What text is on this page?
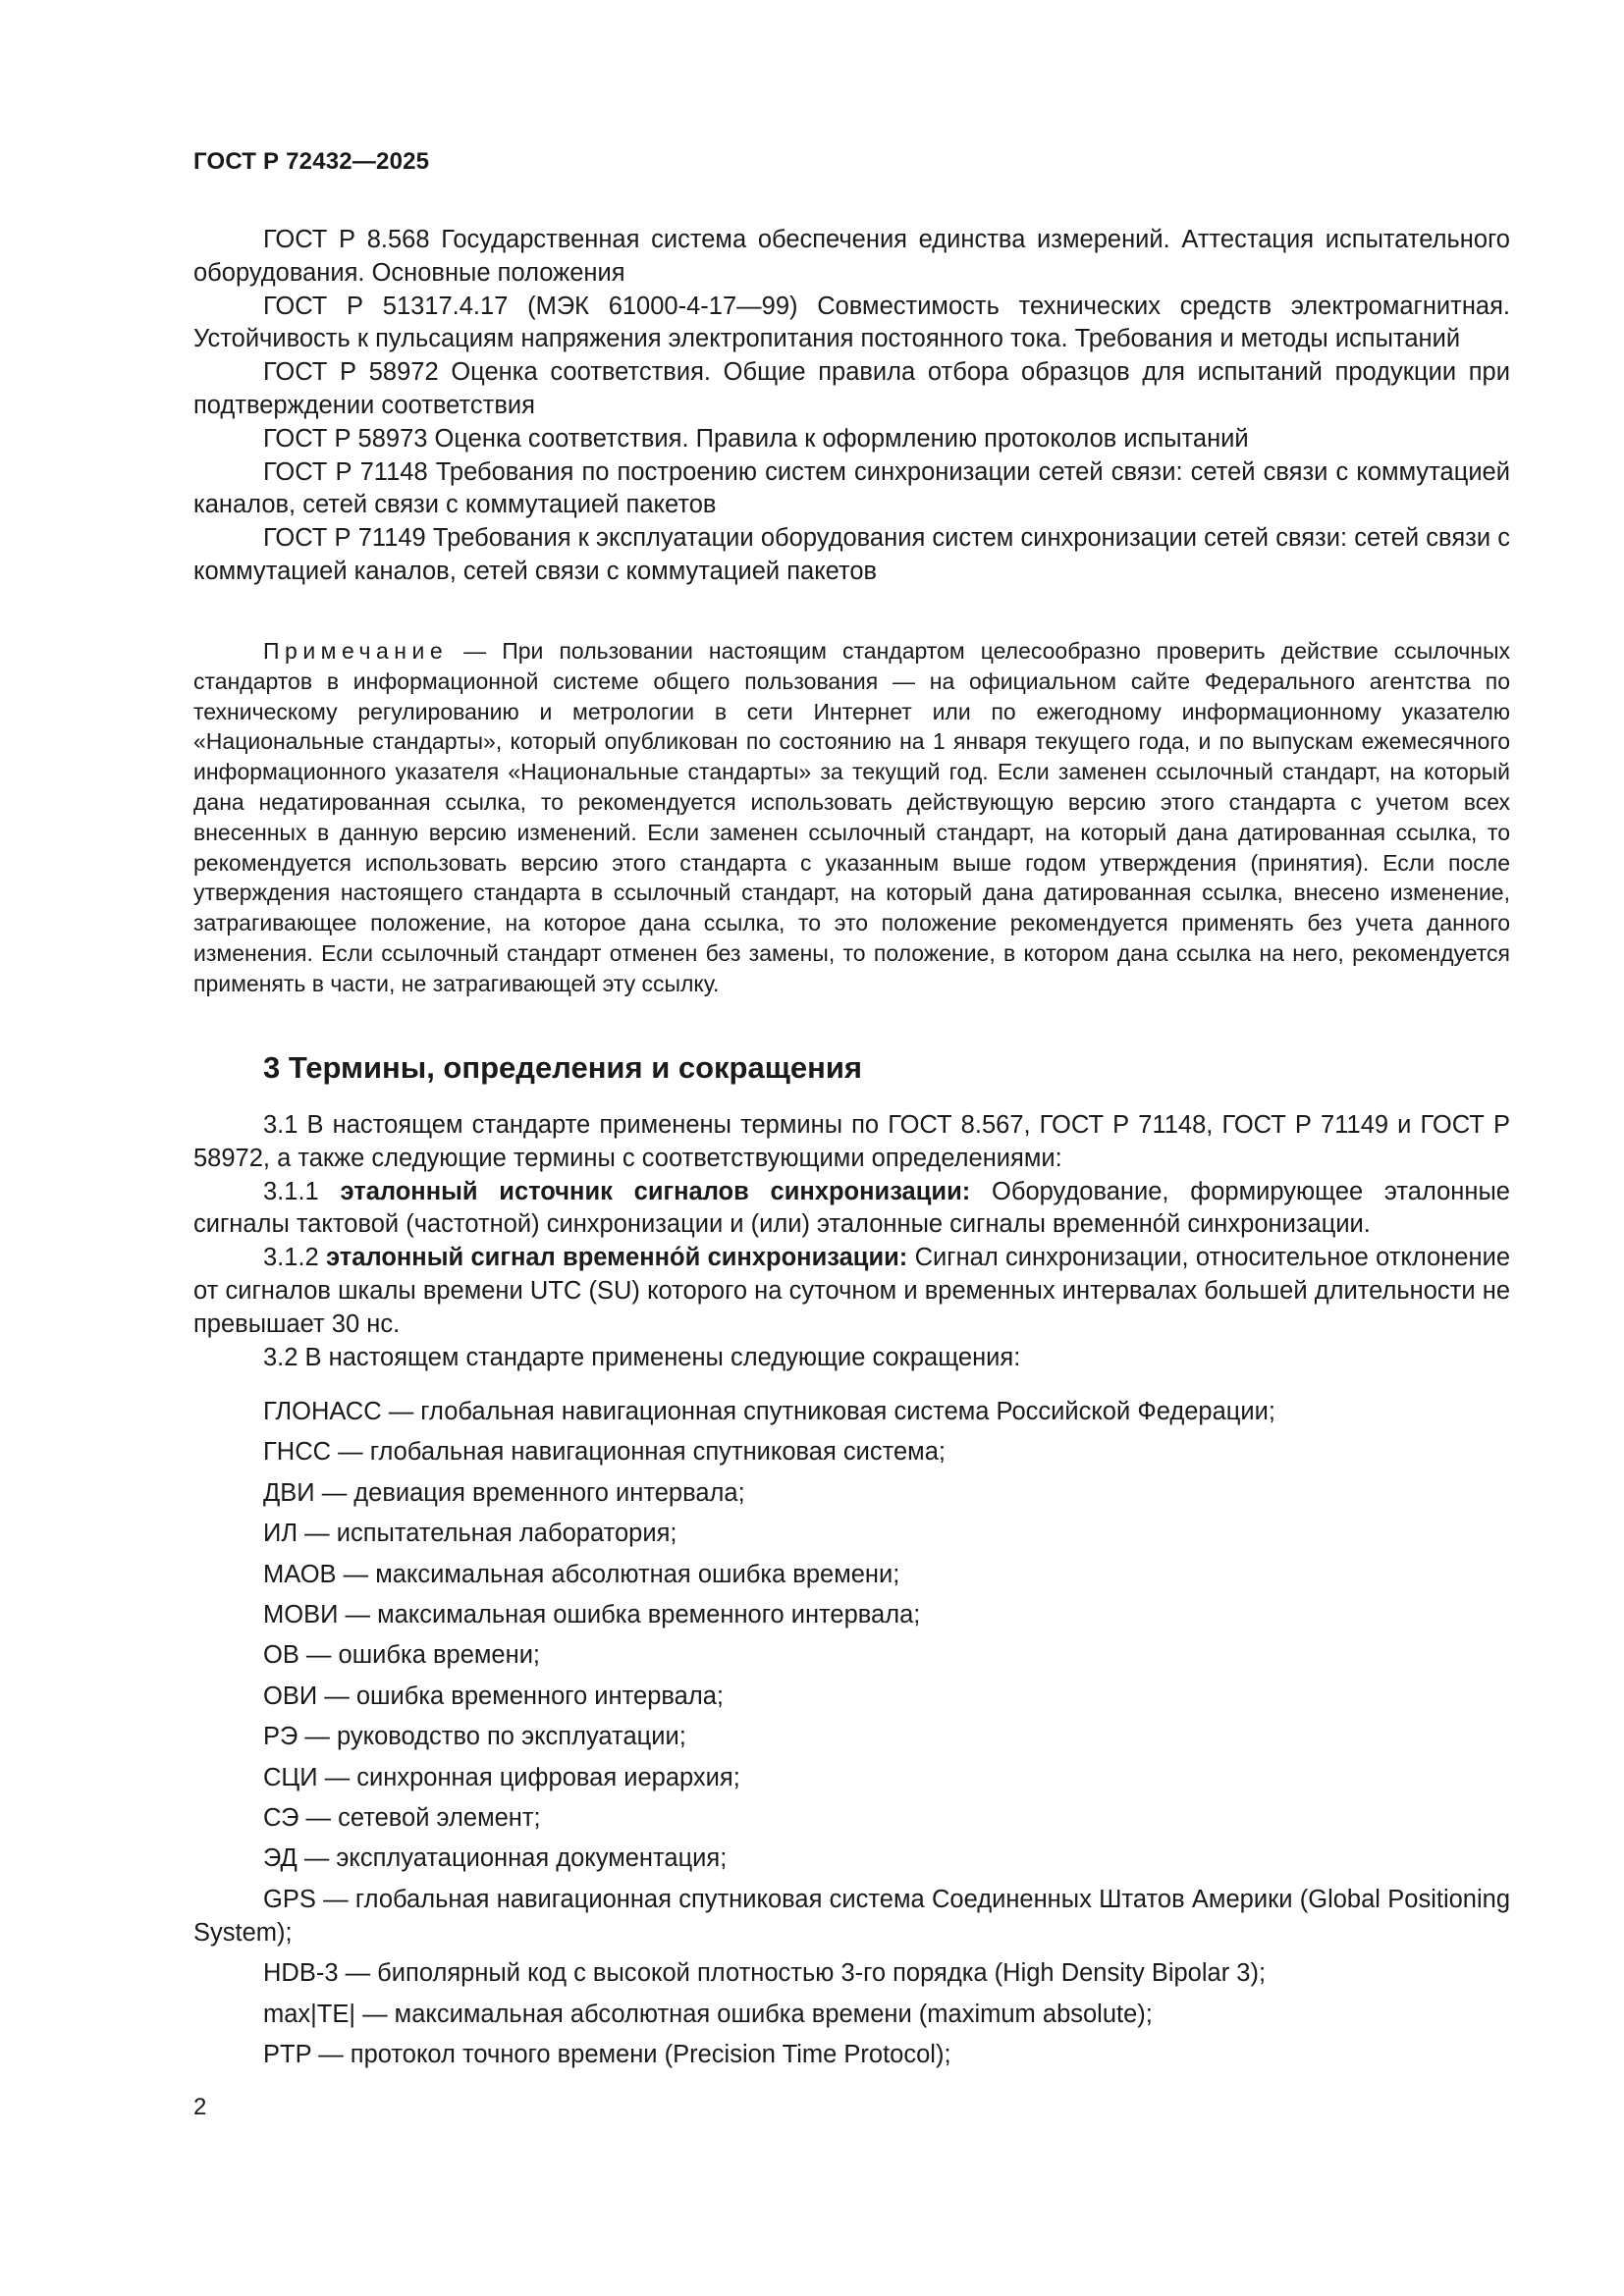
ГОСТ Р 72432—2025

ГОСТ Р 8.568 Государственная система обеспечения единства измерений. Аттестация испытательного оборудования. Основные положения

ГОСТ Р 51317.4.17 (МЭК 61000-4-17—99) Совместимость технических средств электромагнитная. Устойчивость к пульсациям напряжения электропитания постоянного тока. Требования и методы испытаний

ГОСТ Р 58972 Оценка соответствия. Общие правила отбора образцов для испытаний продукции при подтверждении соответствия

ГОСТ Р 58973 Оценка соответствия. Правила к оформлению протоколов испытаний

ГОСТ Р 71148 Требования по построению систем синхронизации сетей связи: сетей связи с коммутацией каналов, сетей связи с коммутацией пакетов

ГОСТ Р 71149 Требования к эксплуатации оборудования систем синхронизации сетей связи: сетей связи с коммутацией каналов, сетей связи с коммутацией пакетов

Примечание — При пользовании настоящим стандартом целесообразно проверить действие ссылочных стандартов в информационной системе общего пользования — на официальном сайте Федерального агентства по техническому регулированию и метрологии в сети Интернет или по ежегодному информационному указателю «Национальные стандарты», который опубликован по состоянию на 1 января текущего года, и по выпускам ежемесячного информационного указателя «Национальные стандарты» за текущий год. Если заменен ссылочный стандарт, на который дана недатированная ссылка, то рекомендуется использовать действующую версию этого стандарта с учетом всех внесенных в данную версию изменений. Если заменен ссылочный стандарт, на который дана датированная ссылка, то рекомендуется использовать версию этого стандарта с указанным выше годом утверждения (принятия). Если после утверждения настоящего стандарта в ссылочный стандарт, на который дана датированная ссылка, внесено изменение, затрагивающее положение, на которое дана ссылка, то это положение рекомендуется применять без учета данного изменения. Если ссылочный стандарт отменен без замены, то положение, в котором дана ссылка на него, рекомендуется применять в части, не затрагивающей эту ссылку.

3 Термины, определения и сокращения

3.1 В настоящем стандарте применены термины по ГОСТ 8.567, ГОСТ Р 71148, ГОСТ Р 71149 и ГОСТ Р 58972, а также следующие термины с соответствующими определениями:

3.1.1 эталонный источник сигналов синхронизации: Оборудование, формирующее эталонные сигналы тактовой (частотной) синхронизации и (или) эталонные сигналы временно́й синхронизации.

3.1.2 эталонный сигнал временно́й синхронизации: Сигнал синхронизации, относительное отклонение от сигналов шкалы времени UTC (SU) которого на суточном и временных интервалах большей длительности не превышает 30 нс.

3.2 В настоящем стандарте применены следующие сокращения:

ГЛОНАСС — глобальная навигационная спутниковая система Российской Федерации;

ГНСС — глобальная навигационная спутниковая система;

ДВИ — девиация временного интервала;

ИЛ — испытательная лаборатория;

МАОВ — максимальная абсолютная ошибка времени;

МОВИ — максимальная ошибка временного интервала;

ОВ — ошибка времени;

ОВИ — ошибка временного интервала;

РЭ — руководство по эксплуатации;

СЦИ — синхронная цифровая иерархия;

СЭ — сетевой элемент;

ЭД — эксплуатационная документация;

GPS — глобальная навигационная спутниковая система Соединенных Штатов Америки (Global Positioning System);

HDB-3 — биполярный код с высокой плотностью 3-го порядка (High Density Bipolar 3);

max|TE| — максимальная абсолютная ошибка времени (maximum absolute);

PTP — протокол точного времени (Precision Time Protocol);

2
